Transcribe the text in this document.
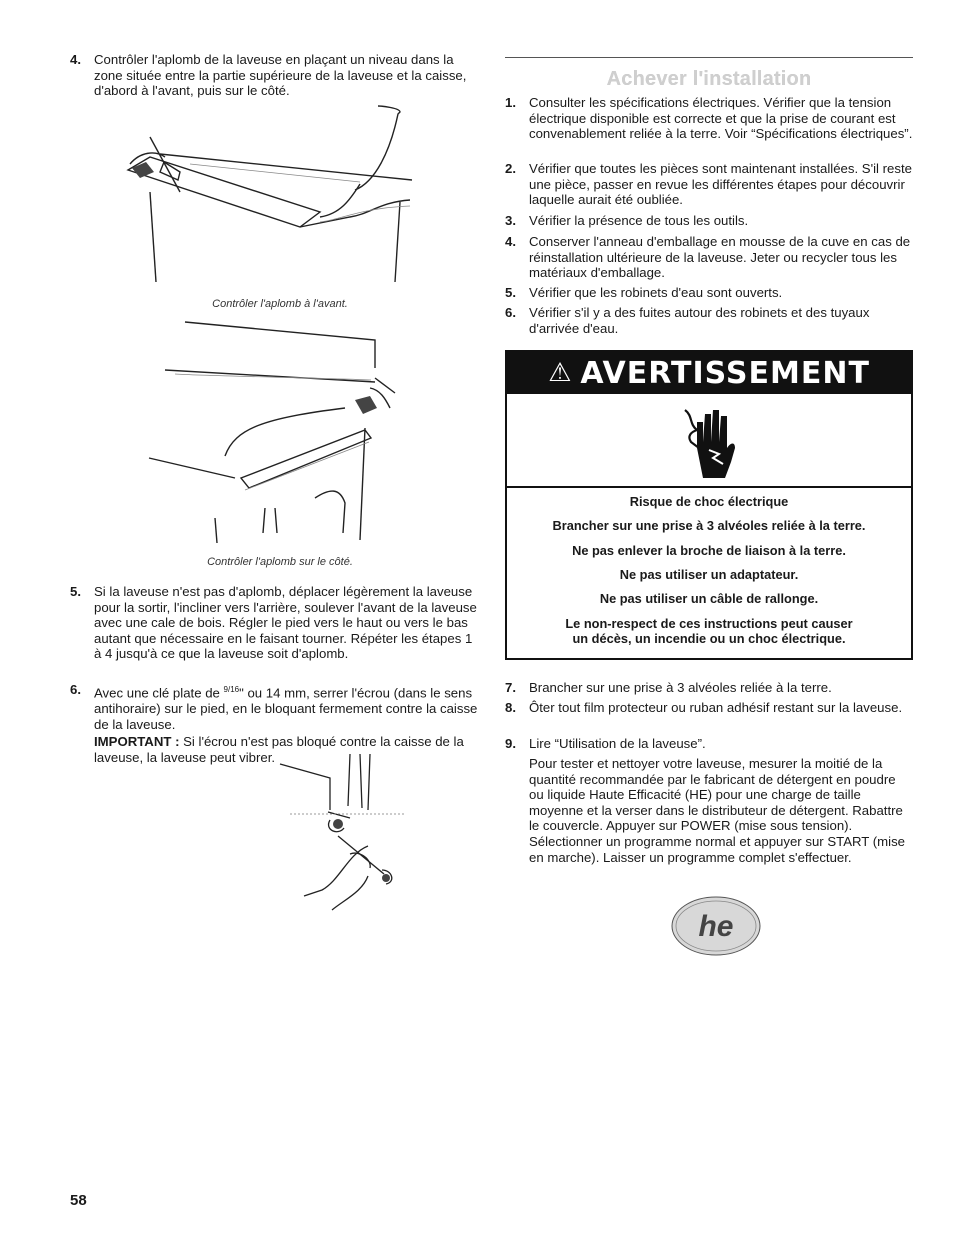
4. Contrôler l'aplomb de la laveuse en plaçant un niveau dans la zone située entre la partie supérieure de la laveuse et la caisse, d'abord à l'avant, puis sur le côté.
Contrôler l'aplomb à l'avant.
Contrôler l'aplomb sur le côté.
5. Si la laveuse n'est pas d'aplomb, déplacer légèrement la laveuse pour la sortir, l'incliner vers l'arrière, soulever l'avant de la laveuse avec une cale de bois. Régler le pied vers le haut ou vers le bas autant que nécessaire en le faisant tourner. Répéter les étapes 1 à 4 jusqu'à ce que la laveuse soit d'aplomb.
6. Avec une clé plate de $^{9/16}$" ou 14 mm, serrer l'écrou (dans le sens antihoraire) sur le pied, en le bloquant fermement contre la caisse de la laveuse.
IMPORTANT : Si l'écrou n'est pas bloqué contre la caisse de la laveuse, la laveuse peut vibrer.
Achever l'installation
1. Consulter les spécifications électriques. Vérifier que la tension électrique disponible est correcte et que la prise de courant est convenablement reliée à la terre. Voir “Spécifications électriques”.
2. Vérifier que toutes les pièces sont maintenant installées. S'il reste une pièce, passer en revue les différentes étapes pour découvrir laquelle aurait été oubliée.
3. Vérifier la présence de tous les outils.
4. Conserver l'anneau d'emballage en mousse de la cuve en cas de réinstallation ultérieure de la laveuse. Jeter ou recycler tous les matériaux d'emballage.
5. Vérifier que les robinets d'eau sont ouverts.
6. Vérifier s'il y a des fuites autour des robinets et des tuyaux d'arrivée d'eau.
⚠ AVERTISSEMENT
Risque de choc électrique
Brancher sur une prise à 3 alvéoles reliée à la terre.
Ne pas enlever la broche de liaison à la terre.
Ne pas utiliser un adaptateur.
Ne pas utiliser un câble de rallonge.
Le non-respect de ces instructions peut causer
un décès, un incendie ou un choc électrique.
7. Brancher sur une prise à 3 alvéoles reliée à la terre.
8. Ôter tout film protecteur ou ruban adhésif restant sur la laveuse.
9. Lire “Utilisation de la laveuse”.
Pour tester et nettoyer votre laveuse, mesurer la moitié de la quantité recommandée par le fabricant de détergent en poudre ou liquide Haute Efficacité (HE) pour une charge de taille moyenne et la verser dans le distributeur de détergent. Rabattre le couvercle. Appuyer sur POWER (mise sous tension). Sélectionner un programme normal et appuyer sur START (mise en marche). Laisser un programme complet s'effectuer.
he
58
